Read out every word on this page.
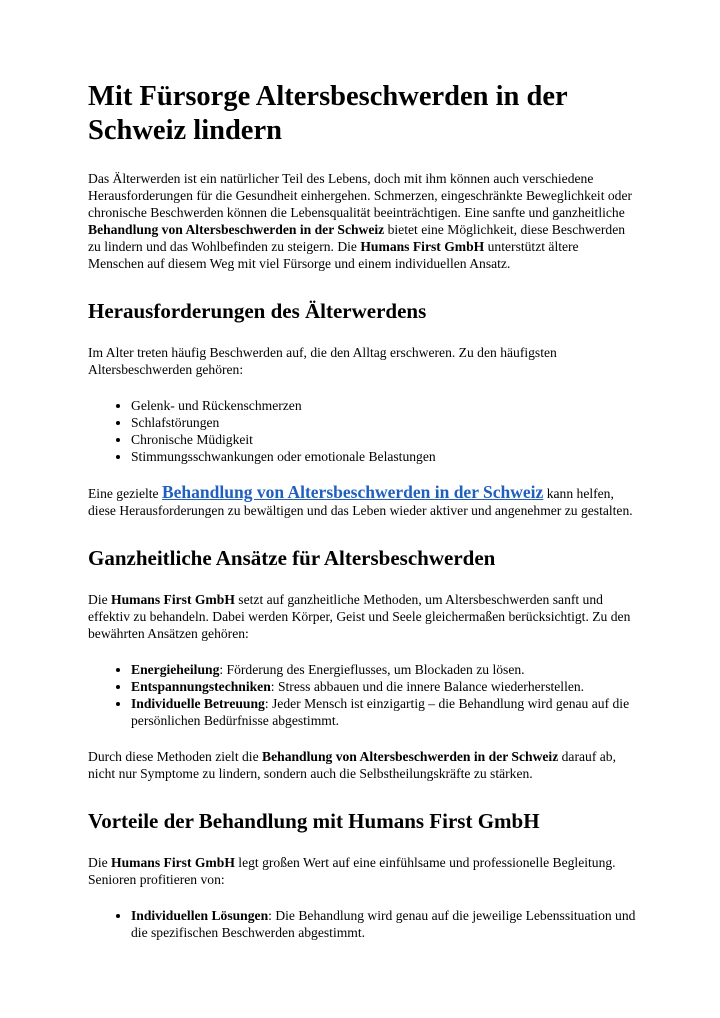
Mit Fürsorge Altersbeschwerden in der Schweiz lindern

Das Älterwerden ist ein natürlicher Teil des Lebens, doch mit ihm können auch verschiedene Herausforderungen für die Gesundheit einhergehen. Schmerzen, eingeschränkte Beweglichkeit oder chronische Beschwerden können die Lebensqualität beeinträchtigen. Eine sanfte und ganzheitliche Behandlung von Altersbeschwerden in der Schweiz bietet eine Möglichkeit, diese Beschwerden zu lindern und das Wohlbefinden zu steigern. Die Humans First GmbH unterstützt ältere Menschen auf diesem Weg mit viel Fürsorge und einem individuellen Ansatz.

Herausforderungen des Älterwerdens

Im Alter treten häufig Beschwerden auf, die den Alltag erschweren. Zu den häufigsten Altersbeschwerden gehören:

• Gelenk- und Rückenschmerzen
• Schlafstörungen
• Chronische Müdigkeit
• Stimmungsschwankungen oder emotionale Belastungen

Eine gezielte Behandlung von Altersbeschwerden in der Schweiz kann helfen, diese Herausforderungen zu bewältigen und das Leben wieder aktiver und angenehmer zu gestalten.

Ganzheitliche Ansätze für Altersbeschwerden

Die Humans First GmbH setzt auf ganzheitliche Methoden, um Altersbeschwerden sanft und effektiv zu behandeln. Dabei werden Körper, Geist und Seele gleichermaßen berücksichtigt. Zu den bewährten Ansätzen gehören:

• Energieheilung: Förderung des Energieflusses, um Blockaden zu lösen.
• Entspannungstechniken: Stress abbauen und die innere Balance wiederherstellen.
• Individuelle Betreuung: Jeder Mensch ist einzigartig – die Behandlung wird genau auf die persönlichen Bedürfnisse abgestimmt.

Durch diese Methoden zielt die Behandlung von Altersbeschwerden in der Schweiz darauf ab, nicht nur Symptome zu lindern, sondern auch die Selbstheilungskräfte zu stärken.

Vorteile der Behandlung mit Humans First GmbH

Die Humans First GmbH legt großen Wert auf eine einfühlsame und professionelle Begleitung. Senioren profitieren von:

• Individuellen Lösungen: Die Behandlung wird genau auf die jeweilige Lebenssituation und die spezifischen Beschwerden abgestimmt.
